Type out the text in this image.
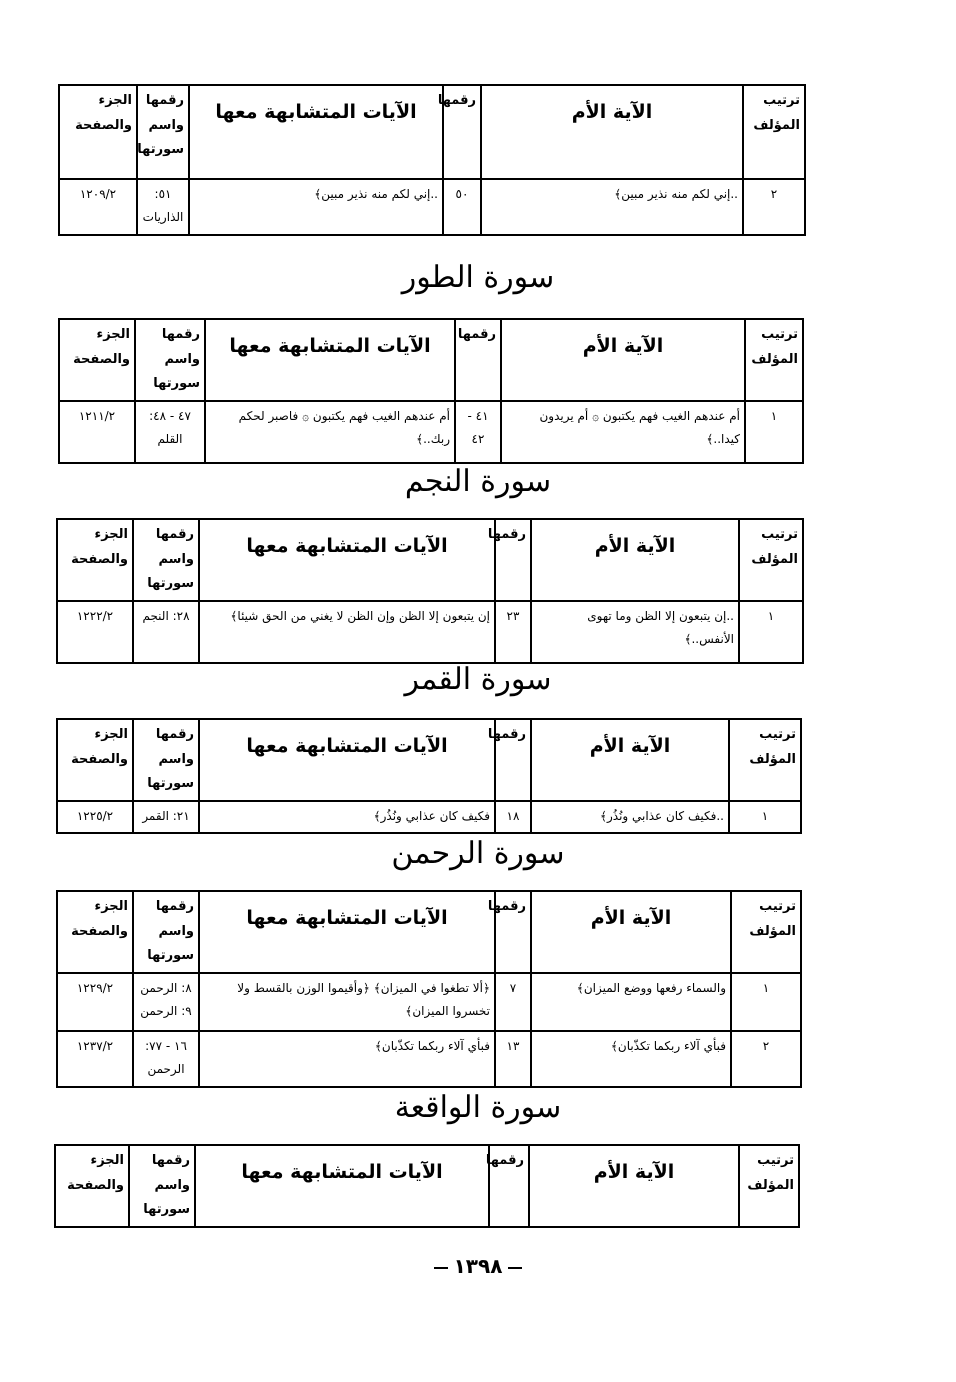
ترتيب المؤلف	الآية الأم	رقمها	الآيات المتشابهة معها	رقمها واسم سورتها	الجزء والصفحة
٢	..إني لكم منه نذير مبين﴾	٥٠	..إني لكم منه نذير مبين﴾	٥١: الذاريات	١٢٠٩/٢
سورة الطور
ترتيب المؤلف	الآية الأم	رقمها	الآيات المتشابهة معها	رقمها واسم سورتها	الجزء والصفحة
١	أم عندهم الغيب فهم يكتبون ۞ أم يريدون كيدا..﴾	٤١ - ٤٢	أم عندهم الغيب فهم يكتبون ۞ فاصبر لحكم ربك..﴾	٤٧ - ٤٨: القلم	١٢١١/٢
سورة النجم
ترتيب المؤلف	الآية الأم	رقمها	الآيات المتشابهة معها	رقمها واسم سورتها	الجزء والصفحة
١	..إن يتبعون إلا الظن وما تهوى الأنفس..﴾	٢٣	إن يتبعون إلا الظن وإن الظن لا يغني من الحق شيئا﴾	٢٨: النجم	١٢٢٢/٢
سورة القمر
ترتيب المؤلف	الآية الأم	رقمها	الآيات المتشابهة معها	رقمها واسم سورتها	الجزء والصفحة
١	..فكيف كان عذابي ونُذُر﴾	١٨	فكيف كان عذابي ونُذُر﴾	٢١: القمر	١٢٢٥/٢
سورة الرحمن
ترتيب المؤلف	الآية الأم	رقمها	الآيات المتشابهة معها	رقمها واسم سورتها	الجزء والصفحة
١	والسماء رفعها ووضع الميزان﴾	٧	﴿ألا تطغوا في الميزان﴾ ﴿وأقيموا الوزن بالقسط ولا تخسروا الميزان﴾	٨: الرحمن ٩: الرحمن	١٢٢٩/٢
٢	فبأي آلاء ربكما تكذّبان﴾	١٣	فبأي آلاء ربكما تكذّبان﴾	١٦ - ٧٧: الرحمن	١٢٣٧/٢
سورة الواقعة
ترتيب المؤلف	الآية الأم	رقمها	الآيات المتشابهة معها	رقمها واسم سورتها	الجزء والصفحة
١٣٩٨
